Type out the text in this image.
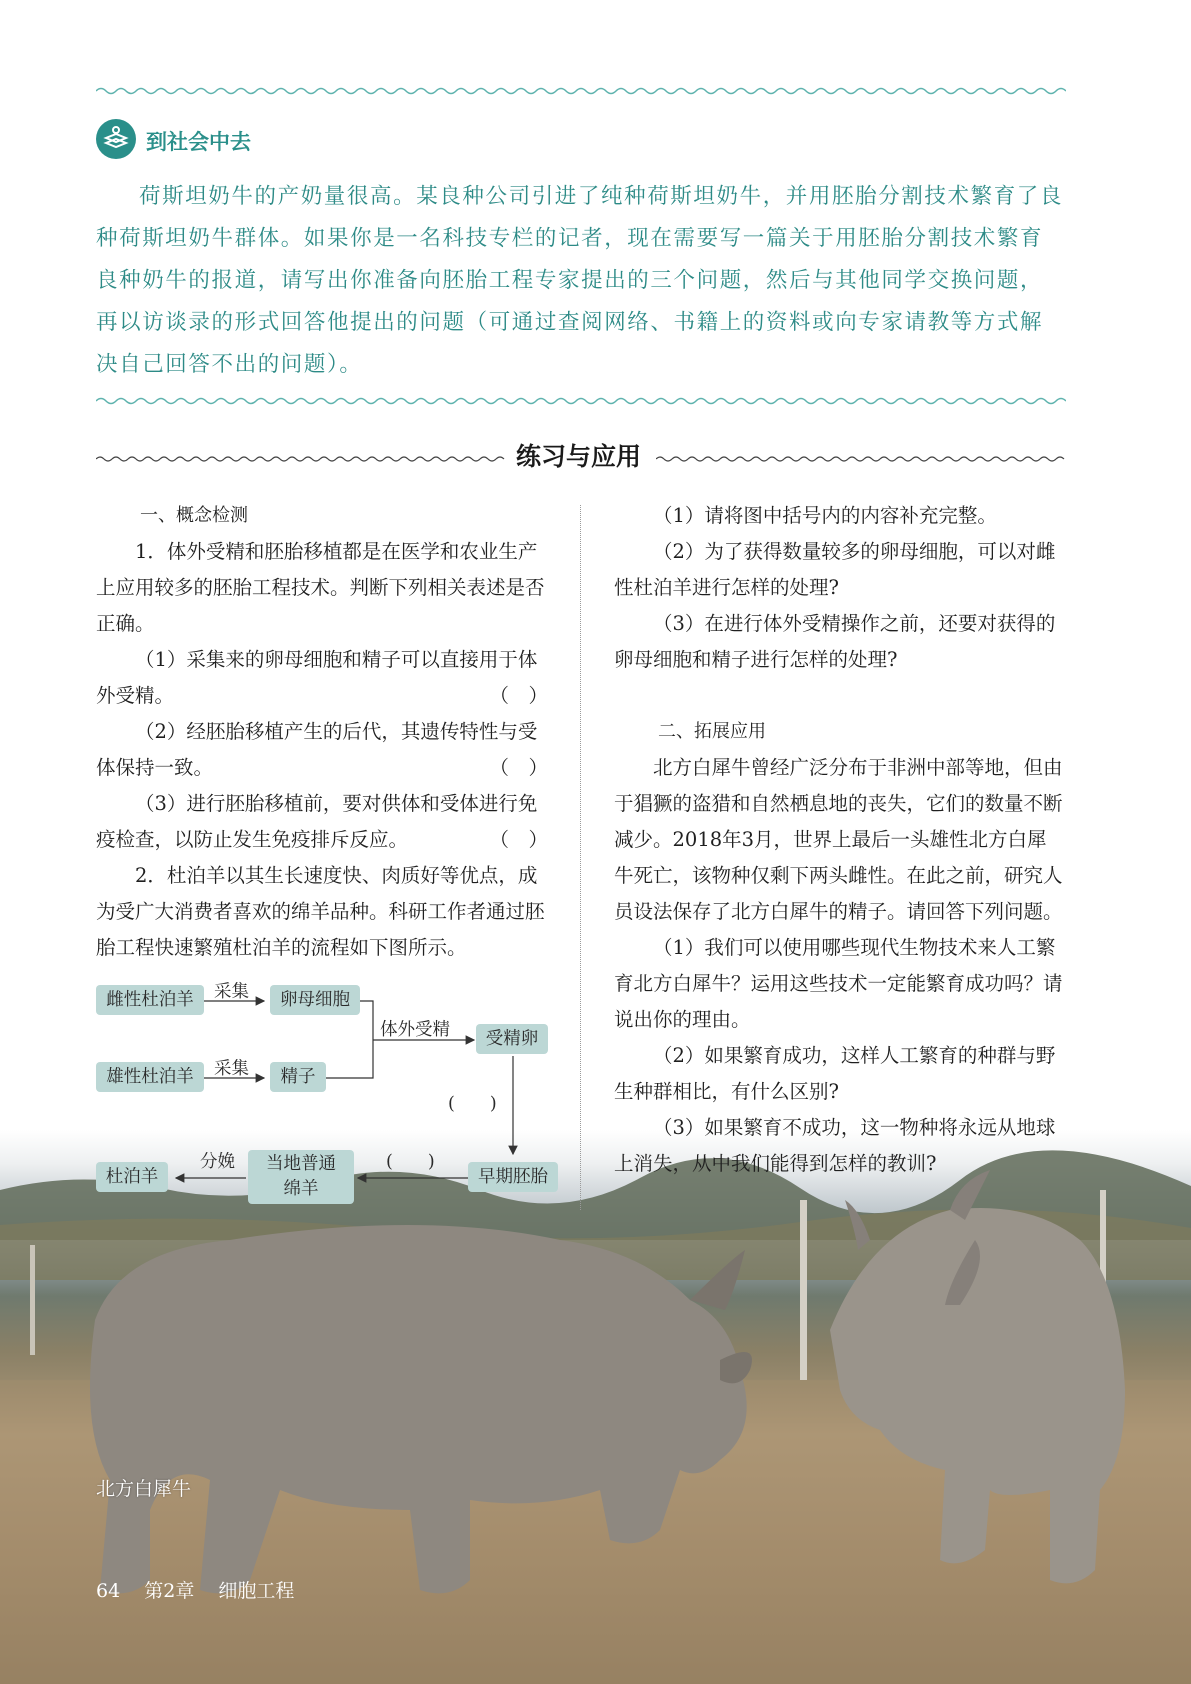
到社会中去
荷斯坦奶牛的产奶量很高。某良种公司引进了纯种荷斯坦奶牛，并用胚胎分割技术繁育了良种荷斯坦奶牛群体。如果你是一名科技专栏的记者，现在需要写一篇关于用胚胎分割技术繁育良种奶牛的报道，请写出你准备向胚胎工程专家提出的三个问题，然后与其他同学交换问题，再以访谈录的形式回答他提出的问题（可通过查阅网络、书籍上的资料或向专家请教等方式解决自己回答不出的问题）。
练习与应用
一、概念检测

1．体外受精和胚胎移植都是在医学和农业生产上应用较多的胚胎工程技术。判断下列相关表述是否正确。

（1）采集来的卵母细胞和精子可以直接用于体外受精。	（　）

（2）经胚胎移植产生的后代，其遗传特性与受体保持一致。	（　）

（3）进行胚胎移植前，要对供体和受体进行免疫检查，以防止发生免疫排斥反应。	（　）

2．杜泊羊以其生长速度快、肉质好等优点，成为受广大消费者喜欢的绵羊品种。科研工作者通过胚胎工程快速繁殖杜泊羊的流程如下图所示。

雌性杜泊羊
雄性杜泊羊
采集
采集
卵母细胞
精子
体外受精	受精卵
(　　)
早期胚胎
(　　)
当地普通
绵羊
分娩
杜泊羊

（1）请将图中括号内的内容补充完整。

（2）为了获得数量较多的卵母细胞，可以对雌性杜泊羊进行怎样的处理?

（3）在进行体外受精操作之前，还要对获得的卵母细胞和精子进行怎样的处理?

二、拓展应用

北方白犀牛曾经广泛分布于非洲中部等地，但由于猖獗的盗猎和自然栖息地的丧失，它们的数量不断减少。2018年3月，世界上最后一头雄性北方白犀牛死亡，该物种仅剩下两头雌性。在此之前，研究人员设法保存了北方白犀牛的精子。请回答下列问题。

（1）我们可以使用哪些现代生物技术来人工繁育北方白犀牛？运用这些技术一定能繁育成功吗？请说出你的理由。

（2）如果繁育成功，这样人工繁育的种群与野生种群相比，有什么区别?

（3）如果繁育不成功，这一物种将永远从地球上消失，从中我们能得到怎样的教训?

北方白犀牛
64 第2章 细胞工程
